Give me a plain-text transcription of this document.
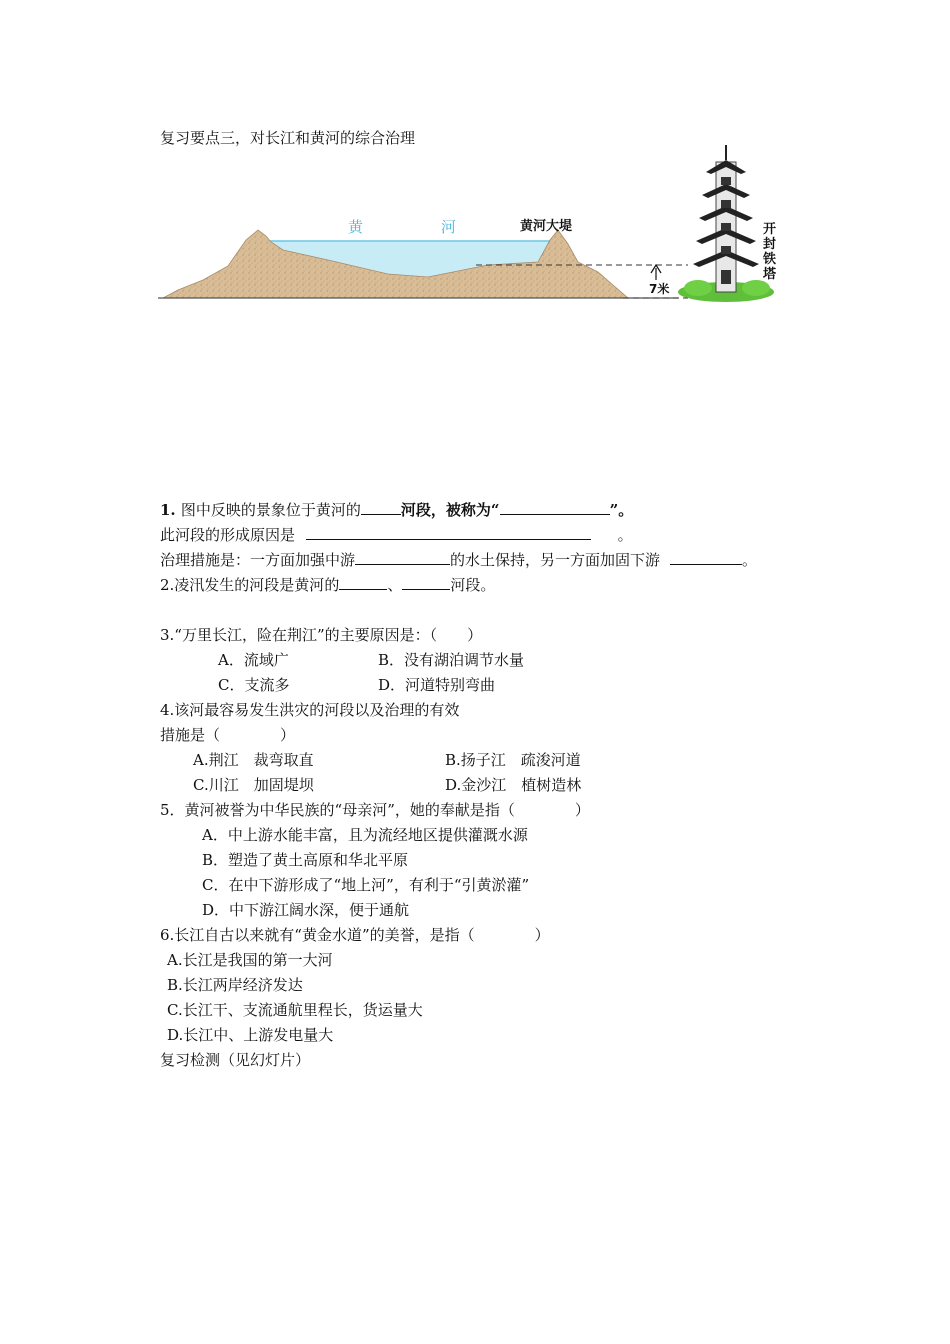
复习要点三，对长江和黄河的综合治理
黄	河	黄河大堤
7米
开
封
铁
塔
1. 图中反映的景象位于黄河的	河段，被称为“	”。
此河段的形成原因是	。
治理措施是：一方面加强中游	的水土保持，另一方面加固下游	。
2.凌汛发生的河段是黄河的	、	河段。
3.“万里长江，险在荆江”的主要原因是：（　　）
A．流域广	B．没有湖泊调节水量
C．支流多	D．河道特别弯曲
4.该河最容易发生洪灾的河段以及治理的有效
措施是（　　　　）
A.荆江　裁弯取直	B.扬子江　疏浚河道
C.川江　加固堤坝	D.金沙江　植树造林
5．黄河被誉为中华民族的“母亲河”，她的奉献是指（　　　　）
A．中上游水能丰富，且为流经地区提供灌溉水源
B．塑造了黄土高原和华北平原
C．在中下游形成了“地上河”，有利于“引黄淤灌”
D．中下游江阔水深，便于通航
6.长江自古以来就有“黄金水道”的美誉，是指（　　　　）
A.长江是我国的第一大河
B.长江两岸经济发达
C.长江干、支流通航里程长，货运量大
D.长江中、上游发电量大
复习检测（见幻灯片）
